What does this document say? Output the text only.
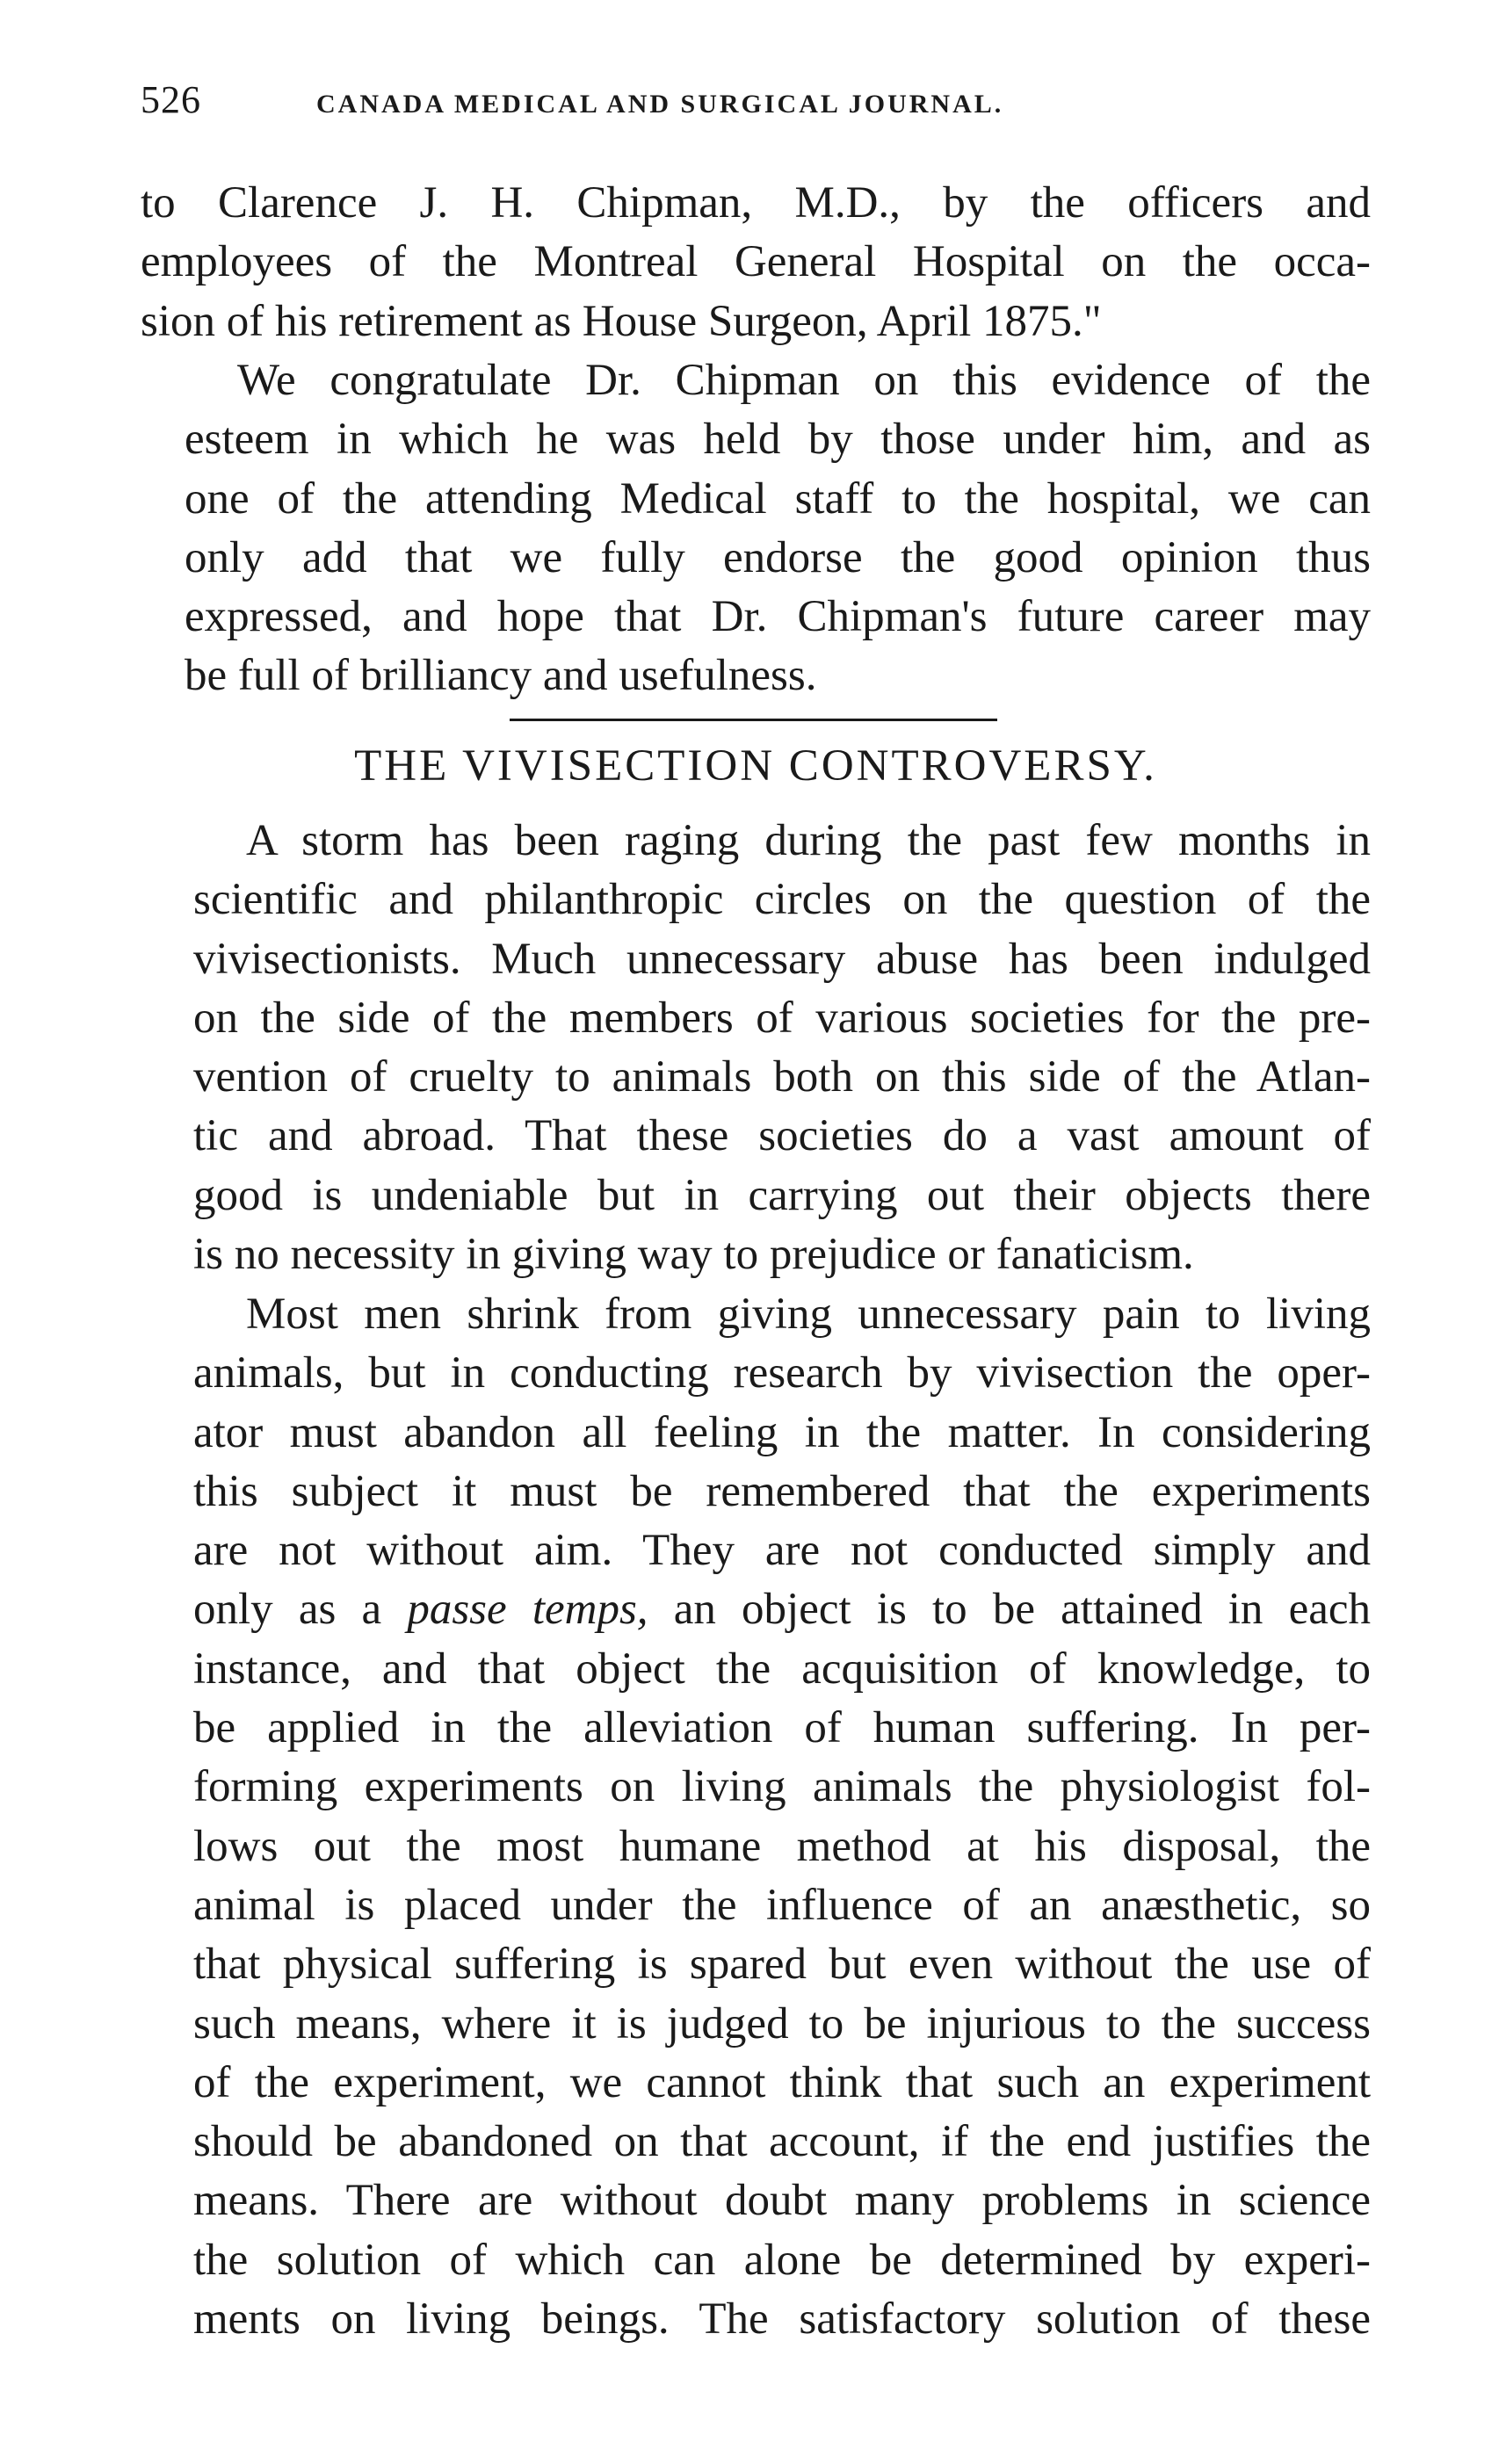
526	CANADA MEDICAL AND SURGICAL JOURNAL.
to Clarence J. H. Chipman, M.D., by the officers and
employees of the Montreal General Hospital on the occa-
sion of his retirement as House Surgeon, April 1875."
We congratulate Dr. Chipman on this evidence of the
esteem in which he was held by those under him, and as
one of the attending Medical staff to the hospital, we can
only add that we fully endorse the good opinion thus
expressed, and hope that Dr. Chipman's future career may
be full of brilliancy and usefulness.
THE VIVISECTION CONTROVERSY.
A storm has been raging during the past few months in
scientific and philanthropic circles on the question of the
vivisectionists. Much unnecessary abuse has been indulged
on the side of the members of various societies for the pre-
vention of cruelty to animals both on this side of the Atlan-
tic and abroad. That these societies do a vast amount of
good is undeniable but in carrying out their objects there
is no necessity in giving way to prejudice or fanaticism.
Most men shrink from giving unnecessary pain to living
animals, but in conducting research by vivisection the oper-
ator must abandon all feeling in the matter. In considering
this subject it must be remembered that the experiments
are not without aim. They are not conducted simply and
only as a passe temps, an object is to be attained in each
instance, and that object the acquisition of knowledge, to
be applied in the alleviation of human suffering. In per-
forming experiments on living animals the physiologist fol-
lows out the most humane method at his disposal, the
animal is placed under the influence of an anæsthetic, so
that physical suffering is spared but even without the use of
such means, where it is judged to be injurious to the success
of the experiment, we cannot think that such an experiment
should be abandoned on that account, if the end justifies the
means. There are without doubt many problems in science
the solution of which can alone be determined by experi-
ments on living beings. The satisfactory solution of these
